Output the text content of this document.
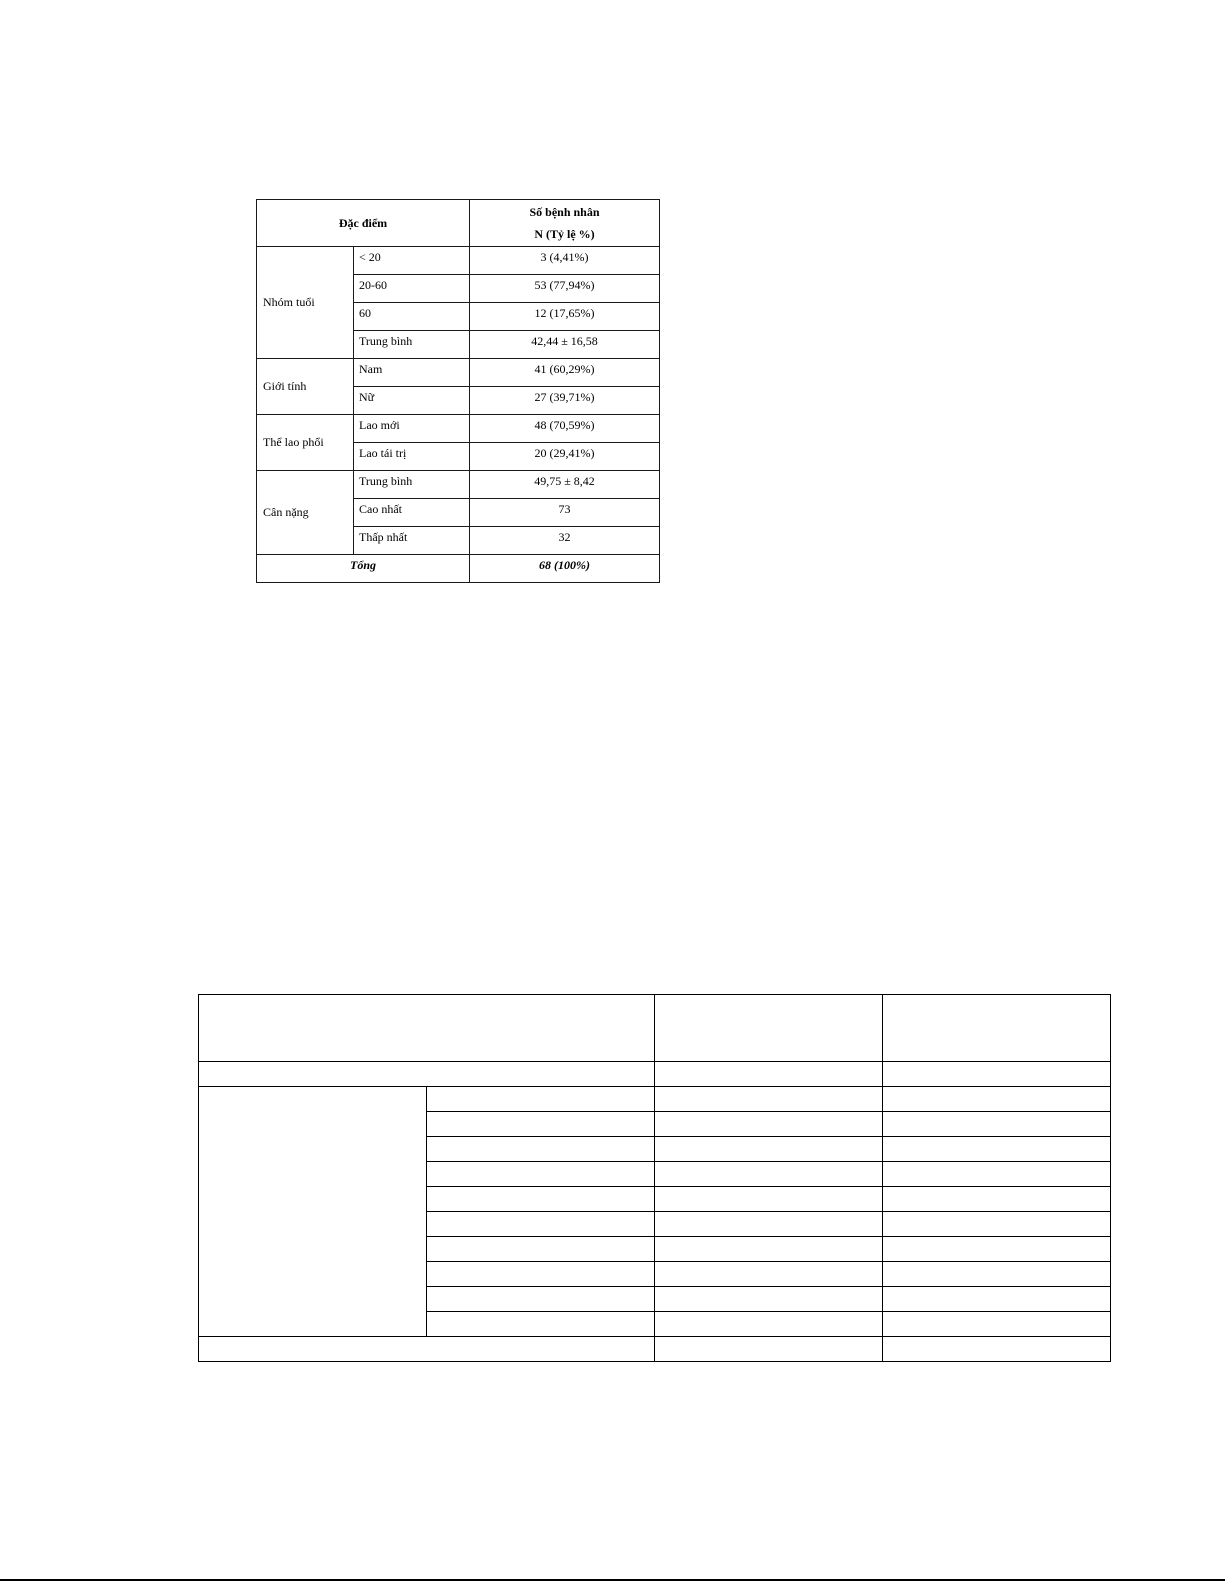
Đặc điểm		Số bệnh nhân
N (Tỷ lệ %)

Nhóm tuổi	< 20	3 (4,41%)
	20-60	53 (77,94%)
	60	12 (17,65%)
	Trung bình	42,44 ± 16,58
Giới tính	Nam	41 (60,29%)
	Nữ	27 (39,71%)
Thể lao phổi	Lao mới	48 (70,59%)
	Lao tái trị	20 (29,41%)
Cân nặng	Trung bình	49,75 ± 8,42
	Cao nhất	73
	Thấp nhất	32
Tổng		68 (100%)
